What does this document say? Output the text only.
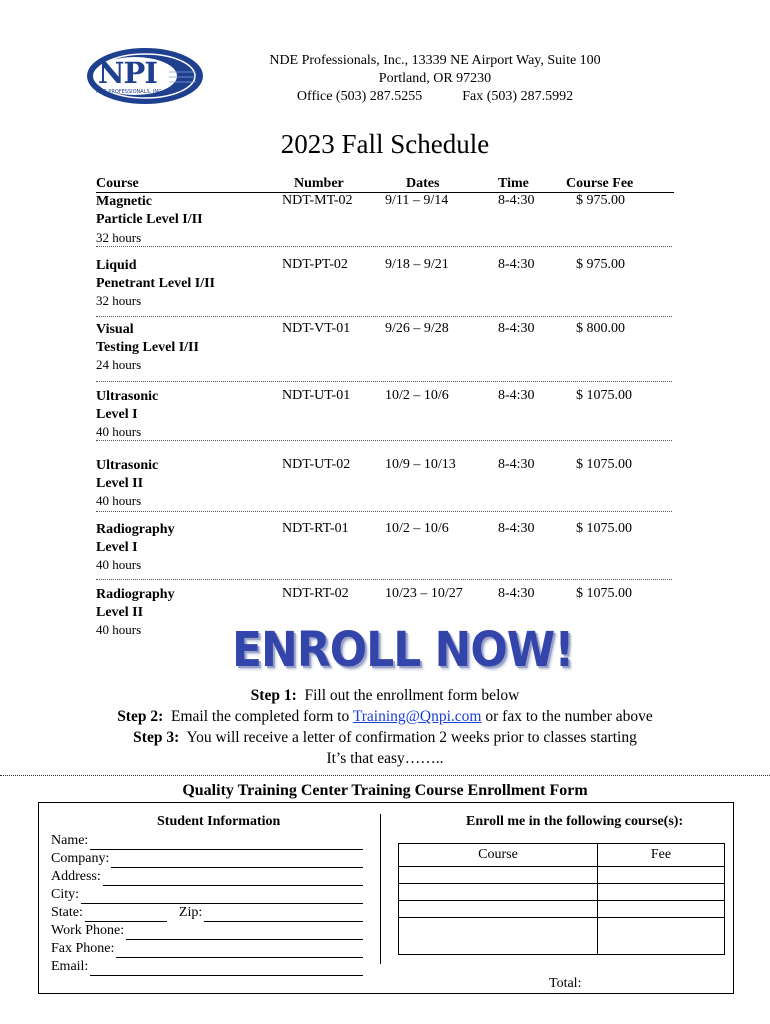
NPI
NDE PROFESSIONALS, INC.
NDE Professionals, Inc., 13339 NE Airport Way, Suite 100
Portland, OR 97230
Office (503) 287.5255	Fax (503) 287.5992
2023 Fall Schedule
Course	Number	Dates	Time	Course Fee
Magnetic
Particle Level I/II
32 hours
NDT-MT-02 9/11 – 9/14	8-4:30	$ 975.00
Liquid
Penetrant Level I/II
32 hours
NDT-PT-02	9/18 – 9/21	8-4:30	$ 975.00
Visual
Testing Level I/II
24 hours
NDT-VT-01 9/26 – 9/28	8-4:30	$ 800.00
Ultrasonic
Level I
40 hours
NDT-UT-01 10/2 – 10/6	8-4:30	$ 1075.00
Ultrasonic
Level II
40 hours
NDT-UT-02 10/9 – 10/13	8-4:30	$ 1075.00
Radiography
Level I
40 hours
NDT-RT-01	10/2 – 10/6	8-4:30	$ 1075.00
Radiography
Level II
40 hours
NDT-RT-02	10/23 – 10/27	8-4:30	$ 1075.00
ENROLL NOW!
Step 1: Fill out the enrollment form below
Step 2: Email the completed form to Training@Qnpi.com or fax to the number above
Step 3: You will receive a letter of confirmation 2 weeks prior to classes starting
It’s that easy……..
Quality Training Center Training Course Enrollment Form
Student Information	Enroll me in the following course(s):
Name:
Company:
Address:
City:
State:	Zip:
Work Phone:
Fax Phone:
Email:
Course	Fee

Total:
